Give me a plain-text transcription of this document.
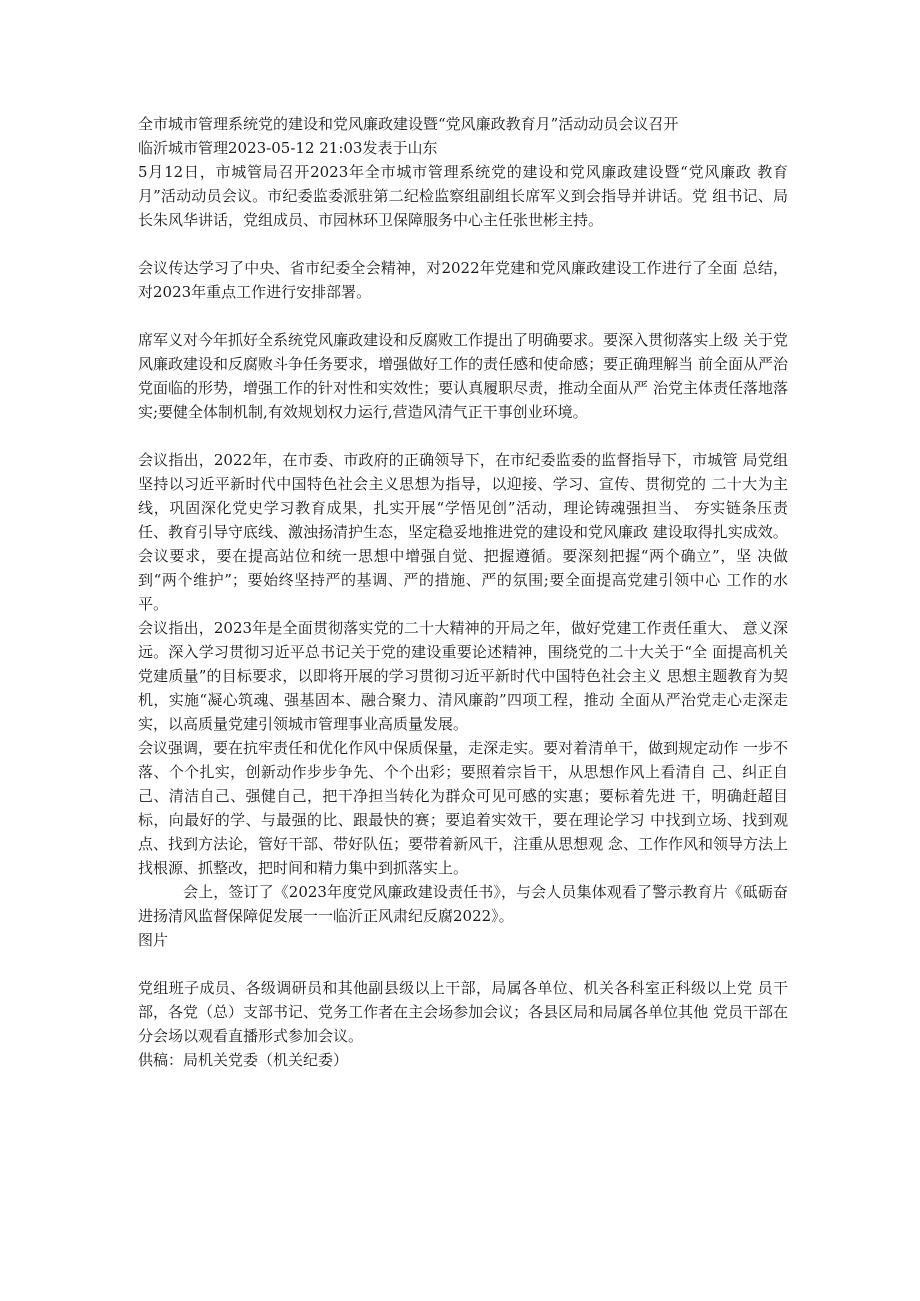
全市城市管理系统党的建设和党风廉政建设暨“党风廉政教育月”活动动员会议召开

临沂城市管理2023-05-12 21:03发表于山东

5月12日，市城管局召开2023年全市城市管理系统党的建设和党风廉政建设暨“党风廉政 教育月”活动动员会议。市纪委监委派驻第二纪检监察组副组长席军义到会指导并讲话。党 组书记、局长朱风华讲话，党组成员、市园林环卫保障服务中心主任张世彬主持。

会议传达学习了中央、省市纪委全会精神，对2022年党建和党风廉政建设工作进行了全面 总结，对2023年重点工作进行安排部署。

席军义对今年抓好全系统党风廉政建设和反腐败工作提出了明确要求。要深入贯彻落实上级 关于党风廉政建设和反腐败斗争任务要求，增强做好工作的责任感和使命感；要正确理解当 前全面从严治党面临的形势，增强工作的针对性和实效性；要认真履职尽责，推动全面从严 治党主体责任落地落实;要健全体制机制,有效规划权力运行,营造风清气正干事创业环境。

会议指出，2022年，在市委、市政府的正确领导下，在市纪委监委的监督指导下，市城管 局党组坚持以习近平新时代中国特色社会主义思想为指导，以迎接、学习、宣传、贯彻党的 二十大为主线，巩固深化党史学习教育成果，扎实开展“学悟见创”活动，理论铸魂强担当、 夯实链条压责任、教育引导守底线、激浊扬清护生态，坚定稳妥地推进党的建设和党风廉政 建设取得扎实成效。

会议要求，要在提高站位和统一思想中增强自觉、把握遵循。要深刻把握“两个确立”，坚 决做到“两个维护”；要始终坚持严的基调、严的措施、严的氛围;要全面提高党建引领中心 工作的水平。

会议指出，2023年是全面贯彻落实党的二十大精神的开局之年，做好党建工作责任重大、 意义深远。深入学习贯彻习近平总书记关于党的建设重要论述精神，围绕党的二十大关于“全 面提高机关党建质量”的目标要求，以即将开展的学习贯彻习近平新时代中国特色社会主义 思想主题教育为契机，实施“凝心筑魂、强基固本、融合聚力、清风廉韵”四项工程，推动 全面从严治党走心走深走实，以高质量党建引领城市管理事业高质量发展。

会议强调，要在抗牢责任和优化作风中保质保量，走深走实。要对着清单干，做到规定动作 一步不落、个个扎实，创新动作步步争先、个个出彩；要照着宗旨干，从思想作风上看清自 己、纠正自己、清洁自己、强健自己，把干净担当转化为群众可见可感的实惠；要标着先进 干，明确赶超目标，向最好的学、与最强的比、跟最快的赛；要追着实效干，要在理论学习 中找到立场、找到观点、找到方法论，管好干部、带好队伍；要带着新风干，注重从思想观 念、工作作风和领导方法上找根源、抓整改，把时间和精力集中到抓落实上。

会上，签订了《2023年度党风廉政建设责任书》，与会人员集体观看了警示教育片《砥砺奋进扬清风监督保障促发展一一临沂正风肃纪反腐2022》。

图片

党组班子成员、各级调研员和其他副县级以上干部，局属各单位、机关各科室正科级以上党 员干部，各党（总）支部书记、党务工作者在主会场参加会议；各县区局和局属各单位其他 党员干部在分会场以观看直播形式参加会议。

供稿：局机关党委（机关纪委）
